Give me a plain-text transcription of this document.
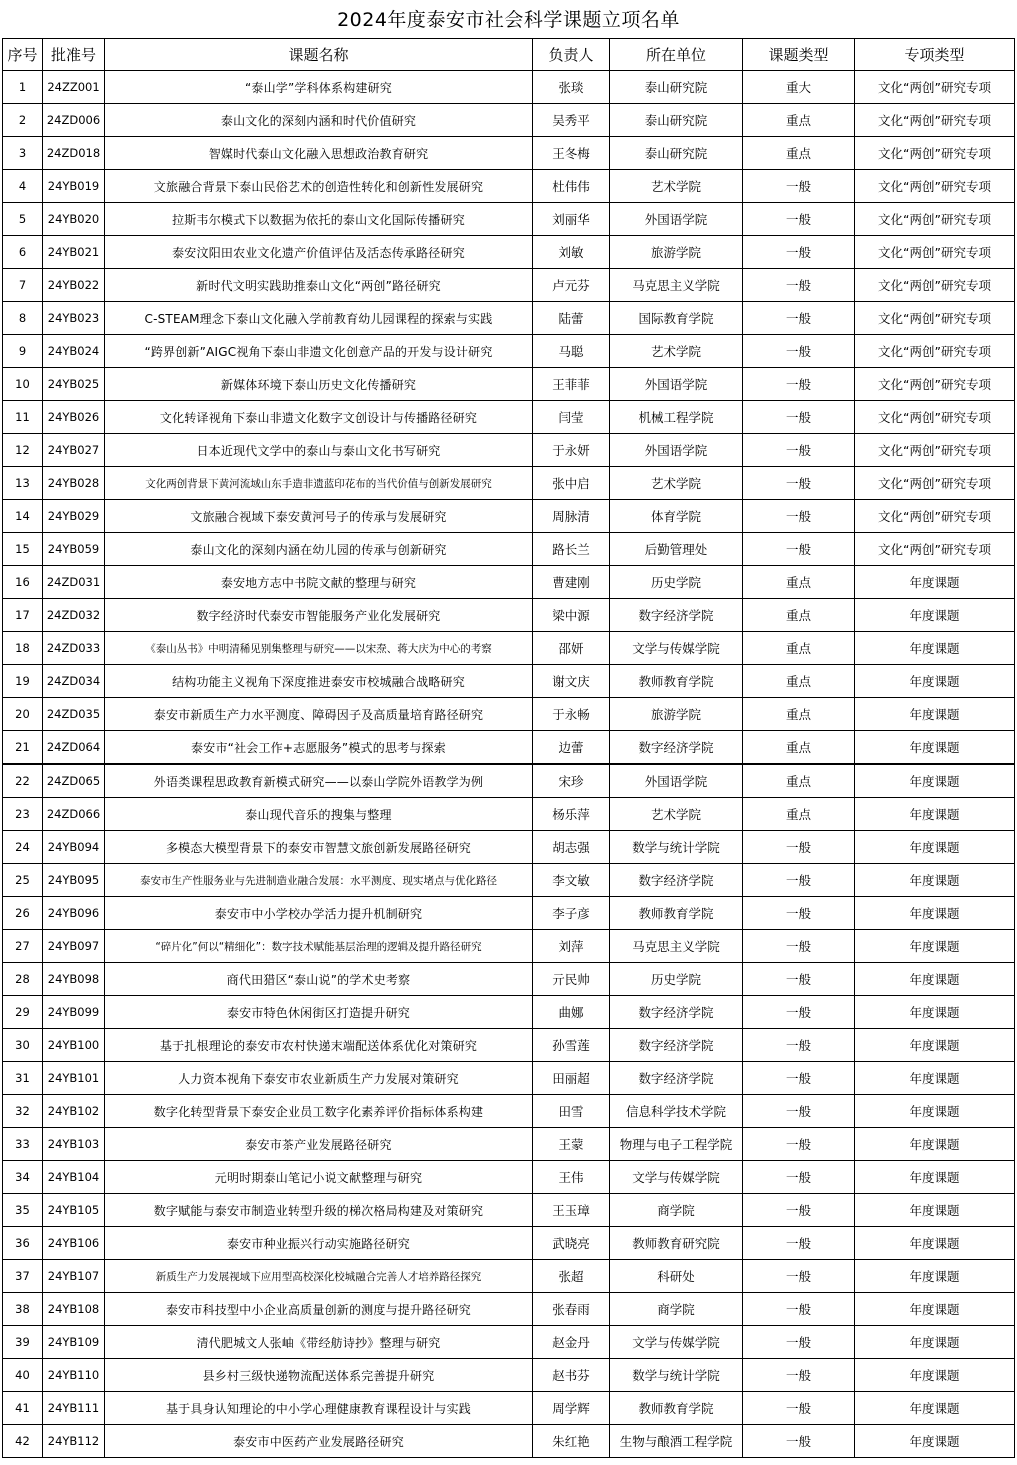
2024年度泰安市社会科学课题立项名单
序号	批准号	课题名称	负责人	所在单位	课题类型	专项类型
1	24ZZ001	“泰山学”学科体系构建研究	张琰	泰山研究院	重大	文化“两创”研究专项
2	24ZD006	泰山文化的深刻内涵和时代价值研究	吴秀平	泰山研究院	重点	文化“两创”研究专项
3	24ZD018	智媒时代泰山文化融入思想政治教育研究	王冬梅	泰山研究院	重点	文化“两创”研究专项
4	24YB019	文旅融合背景下泰山民俗艺术的创造性转化和创新性发展研究	杜伟伟	艺术学院	一般	文化“两创”研究专项
5	24YB020	拉斯韦尔模式下以数据为依托的泰山文化国际传播研究	刘丽华	外国语学院	一般	文化“两创”研究专项
6	24YB021	泰安汶阳田农业文化遗产价值评估及活态传承路径研究	刘敏	旅游学院	一般	文化“两创”研究专项
7	24YB022	新时代文明实践助推泰山文化“两创”路径研究	卢元芬	马克思主义学院	一般	文化“两创”研究专项
8	24YB023	C-STEAM理念下泰山文化融入学前教育幼儿园课程的探索与实践	陆蕾	国际教育学院	一般	文化“两创”研究专项
9	24YB024	“跨界创新”AIGC视角下泰山非遗文化创意产品的开发与设计研究	马聪	艺术学院	一般	文化“两创”研究专项
10	24YB025	新媒体环境下泰山历史文化传播研究	王菲菲	外国语学院	一般	文化“两创”研究专项
11	24YB026	文化转译视角下泰山非遗文化数字文创设计与传播路径研究	闫莹	机械工程学院	一般	文化“两创”研究专项
12	24YB027	日本近现代文学中的泰山与泰山文化书写研究	于永妍	外国语学院	一般	文化“两创”研究专项
13	24YB028	文化两创背景下黄河流域山东手造非遗蓝印花布的当代价值与创新发展研究	张中启	艺术学院	一般	文化“两创”研究专项
14	24YB029	文旅融合视域下泰安黄河号子的传承与发展研究	周脉清	体育学院	一般	文化“两创”研究专项
15	24YB059	泰山文化的深刻内涵在幼儿园的传承与创新研究	路长兰	后勤管理处	一般	文化“两创”研究专项
16	24ZD031	泰安地方志中书院文献的整理与研究	曹建刚	历史学院	重点	年度课题
17	24ZD032	数字经济时代泰安市智能服务产业化发展研究	梁中源	数字经济学院	重点	年度课题
18	24ZD033	《泰山丛书》中明清稀见别集整理与研究——以宋焘、蒋大庆为中心的考察	邵妍	文学与传媒学院	重点	年度课题
19	24ZD034	结构功能主义视角下深度推进泰安市校城融合战略研究	谢文庆	教师教育学院	重点	年度课题
20	24ZD035	泰安市新质生产力水平测度、障碍因子及高质量培育路径研究	于永畅	旅游学院	重点	年度课题
21	24ZD064	泰安市“社会工作+志愿服务”模式的思考与探索	边蕾	数字经济学院	重点	年度课题
22	24ZD065	外语类课程思政教育新模式研究——以泰山学院外语教学为例	宋珍	外国语学院	重点	年度课题
23	24ZD066	泰山现代音乐的搜集与整理	杨乐萍	艺术学院	重点	年度课题
24	24YB094	多模态大模型背景下的泰安市智慧文旅创新发展路径研究	胡志强	数学与统计学院	一般	年度课题
25	24YB095	泰安市生产性服务业与先进制造业融合发展：水平测度、现实堵点与优化路径	李文敏	数字经济学院	一般	年度课题
26	24YB096	泰安市中小学校办学活力提升机制研究	李子彦	教师教育学院	一般	年度课题
27	24YB097	“碎片化”何以“精细化”：数字技术赋能基层治理的逻辑及提升路径研究	刘萍	马克思主义学院	一般	年度课题
28	24YB098	商代田猎区“泰山说”的学术史考察	亓民帅	历史学院	一般	年度课题
29	24YB099	泰安市特色休闲街区打造提升研究	曲娜	数字经济学院	一般	年度课题
30	24YB100	基于扎根理论的泰安市农村快递末端配送体系优化对策研究	孙雪莲	数字经济学院	一般	年度课题
31	24YB101	人力资本视角下泰安市农业新质生产力发展对策研究	田丽超	数字经济学院	一般	年度课题
32	24YB102	数字化转型背景下泰安企业员工数字化素养评价指标体系构建	田雪	信息科学技术学院	一般	年度课题
33	24YB103	泰安市茶产业发展路径研究	王蒙	物理与电子工程学院	一般	年度课题
34	24YB104	元明时期泰山笔记小说文献整理与研究	王伟	文学与传媒学院	一般	年度课题
35	24YB105	数字赋能与泰安市制造业转型升级的梯次格局构建及对策研究	王玉璋	商学院	一般	年度课题
36	24YB106	泰安市种业振兴行动实施路径研究	武晓亮	教师教育研究院	一般	年度课题
37	24YB107	新质生产力发展视域下应用型高校深化校城融合完善人才培养路径探究	张超	科研处	一般	年度课题
38	24YB108	泰安市科技型中小企业高质量创新的测度与提升路径研究	张春雨	商学院	一般	年度课题
39	24YB109	清代肥城文人张岫《带经舫诗抄》整理与研究	赵金丹	文学与传媒学院	一般	年度课题
40	24YB110	县乡村三级快递物流配送体系完善提升研究	赵书芬	数学与统计学院	一般	年度课题
41	24YB111	基于具身认知理论的中小学心理健康教育课程设计与实践	周学辉	教师教育学院	一般	年度课题
42	24YB112	泰安市中医药产业发展路径研究	朱红艳	生物与酿酒工程学院	一般	年度课题
